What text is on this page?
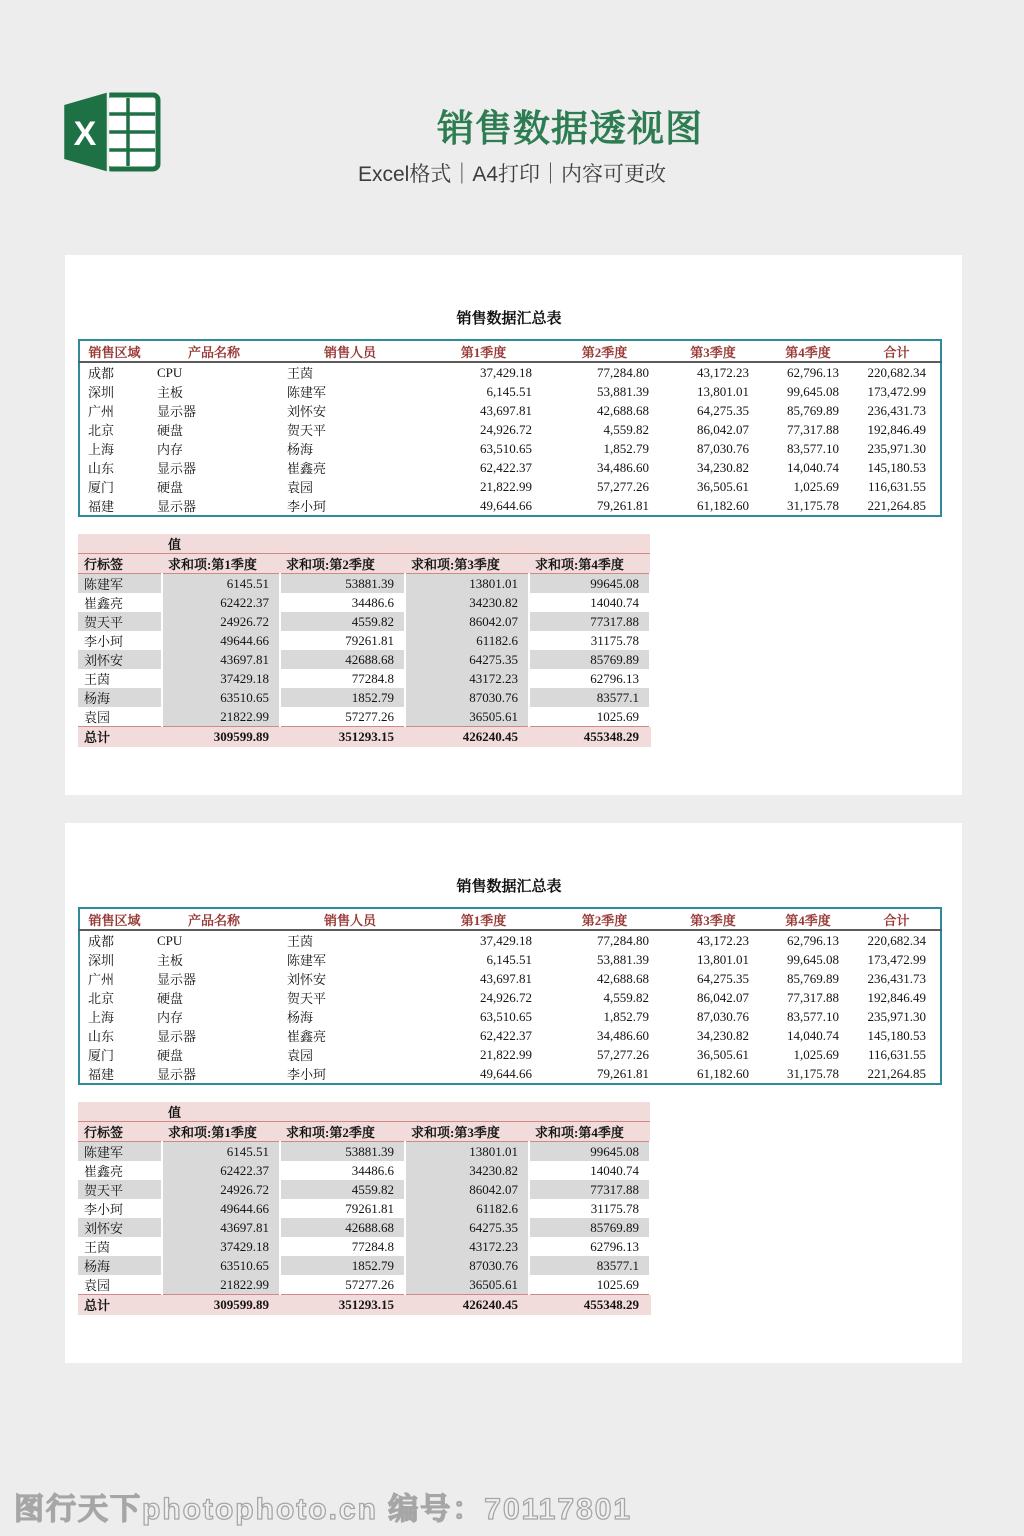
X	销售数据透视图
Excel格式｜A4打印｜内容可更改
销售数据汇总表
销售区域	产品名称	销售人员	第1季度	第2季度	第3季度	第4季度	合计
成都	CPU	王茵	37,429.18	77,284.80	43,172.23	62,796.13	220,682.34
深圳	主板	陈建军	6,145.51	53,881.39	13,801.01	99,645.08	173,472.99
广州	显示器	刘怀安	43,697.81	42,688.68	64,275.35	85,769.89	236,431.73
北京	硬盘	贺天平	24,926.72	4,559.82	86,042.07	77,317.88	192,846.49
上海	内存	杨海	63,510.65	1,852.79	87,030.76	83,577.10	235,971.30
山东	显示器	崔鑫亮	62,422.37	34,486.60	34,230.82	14,040.74	145,180.53
厦门	硬盘	袁园	21,822.99	57,277.26	36,505.61	1,025.69	116,631.55
福建	显示器	李小珂	49,644.66	79,261.81	61,182.60	31,175.78	221,264.85
	值			
行标签	求和项:第1季度	求和项:第2季度	求和项:第3季度	求和项:第4季度
陈建军	6145.51	53881.39	13801.01	99645.08
崔鑫亮	62422.37	34486.6	34230.82	14040.74
贺天平	24926.72	4559.82	86042.07	77317.88
李小珂	49644.66	79261.81	61182.6	31175.78
刘怀安	43697.81	42688.68	64275.35	85769.89
王茵	37429.18	77284.8	43172.23	62796.13
杨海	63510.65	1852.79	87030.76	83577.1
袁园	21822.99	57277.26	36505.61	1025.69
总计	309599.89	351293.15	426240.45	455348.29
销售数据汇总表
销售区域	产品名称	销售人员	第1季度	第2季度	第3季度	第4季度	合计
成都	CPU	王茵	37,429.18	77,284.80	43,172.23	62,796.13	220,682.34
深圳	主板	陈建军	6,145.51	53,881.39	13,801.01	99,645.08	173,472.99
广州	显示器	刘怀安	43,697.81	42,688.68	64,275.35	85,769.89	236,431.73
北京	硬盘	贺天平	24,926.72	4,559.82	86,042.07	77,317.88	192,846.49
上海	内存	杨海	63,510.65	1,852.79	87,030.76	83,577.10	235,971.30
山东	显示器	崔鑫亮	62,422.37	34,486.60	34,230.82	14,040.74	145,180.53
厦门	硬盘	袁园	21,822.99	57,277.26	36,505.61	1,025.69	116,631.55
福建	显示器	李小珂	49,644.66	79,261.81	61,182.60	31,175.78	221,264.85
	值			
行标签	求和项:第1季度	求和项:第2季度	求和项:第3季度	求和项:第4季度
陈建军	6145.51	53881.39	13801.01	99645.08
崔鑫亮	62422.37	34486.6	34230.82	14040.74
贺天平	24926.72	4559.82	86042.07	77317.88
李小珂	49644.66	79261.81	61182.6	31175.78
刘怀安	43697.81	42688.68	64275.35	85769.89
王茵	37429.18	77284.8	43172.23	62796.13
杨海	63510.65	1852.79	87030.76	83577.1
袁园	21822.99	57277.26	36505.61	1025.69
总计	309599.89	351293.15	426240.45	455348.29
图行天下photophoto.cn 编号：70117801
